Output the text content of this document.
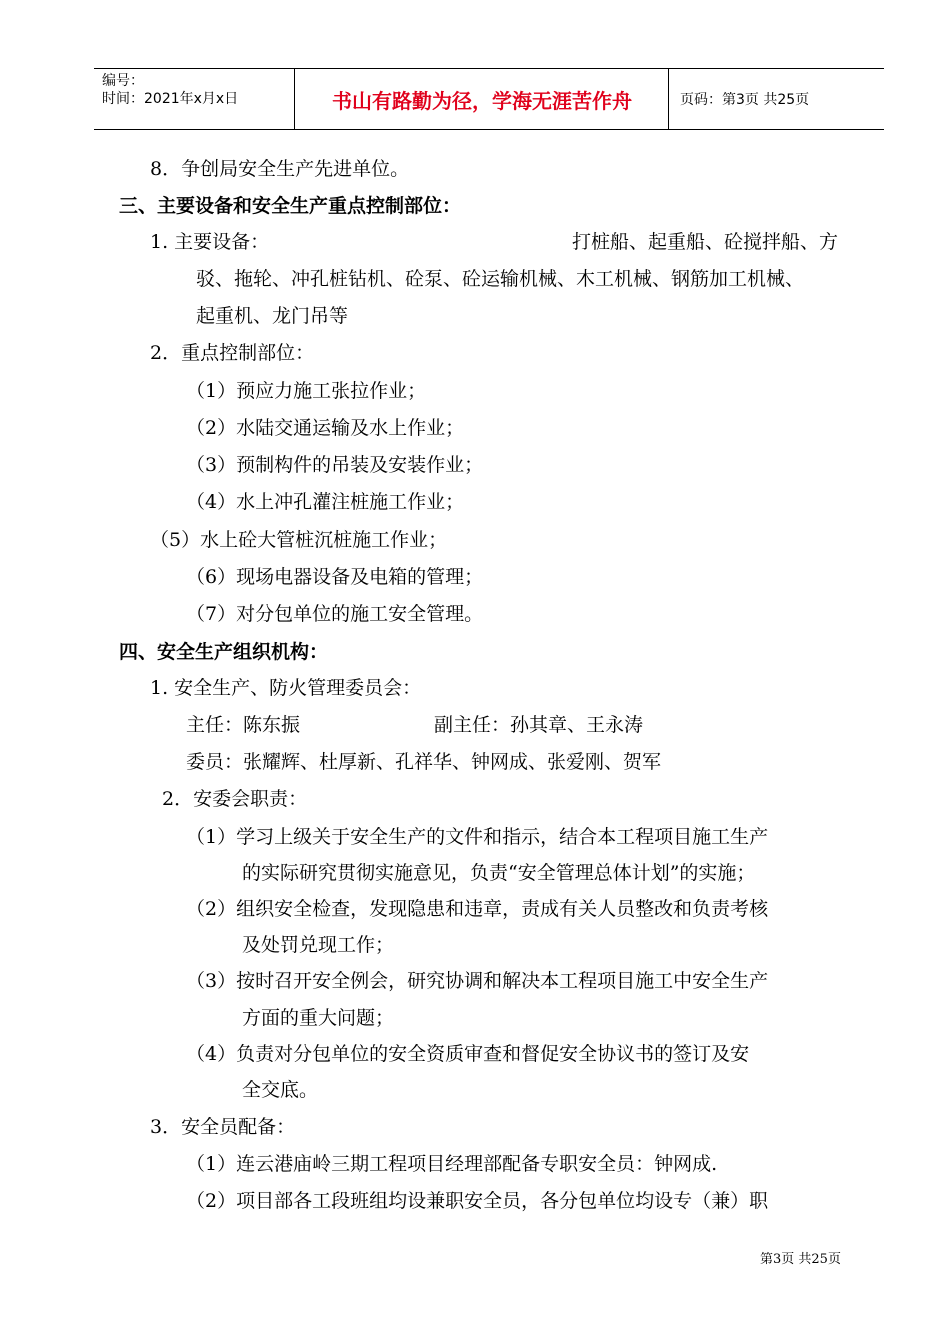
编号：
时间：2021年x月x日	书山有路勤为径，学海无涯苦作舟	页码：第3页 共25页
8．争创局安全生产先进单位。
三、主要设备和安全生产重点控制部位：
1. 主要设备：	打桩船、起重船、砼搅拌船、方
驳、拖轮、冲孔桩钻机、砼泵、砼运输机械、木工机械、钢筋加工机械、
起重机、龙门吊等
2．重点控制部位：
（1）预应力施工张拉作业；
（2）水陆交通运输及水上作业；
（3）预制构件的吊装及安装作业；
（4）水上冲孔灌注桩施工作业；
（5）水上砼大管桩沉桩施工作业；
（6）现场电器设备及电箱的管理；
（7）对分包单位的施工安全管理。
四、安全生产组织机构：
1. 安全生产、防火管理委员会：
主任：陈东振	副主任：孙其章、王永涛
委员：张耀辉、杜厚新、孔祥华、钟网成、张爱刚、贺军
2．安委会职责：
（1）学习上级关于安全生产的文件和指示，结合本工程项目施工生产
的实际研究贯彻实施意见，负责“安全管理总体计划”的实施；
（2）组织安全检查，发现隐患和违章，责成有关人员整改和负责考核
及处罚兑现工作；
（3）按时召开安全例会，研究协调和解决本工程项目施工中安全生产
方面的重大问题；
（4）负责对分包单位的安全资质审查和督促安全协议书的签订及安
全交底。
3．安全员配备：
（1）连云港庙岭三期工程项目经理部配备专职安全员：钟网成.
（2）项目部各工段班组均设兼职安全员，各分包单位均设专（兼）职
第3页 共25页
